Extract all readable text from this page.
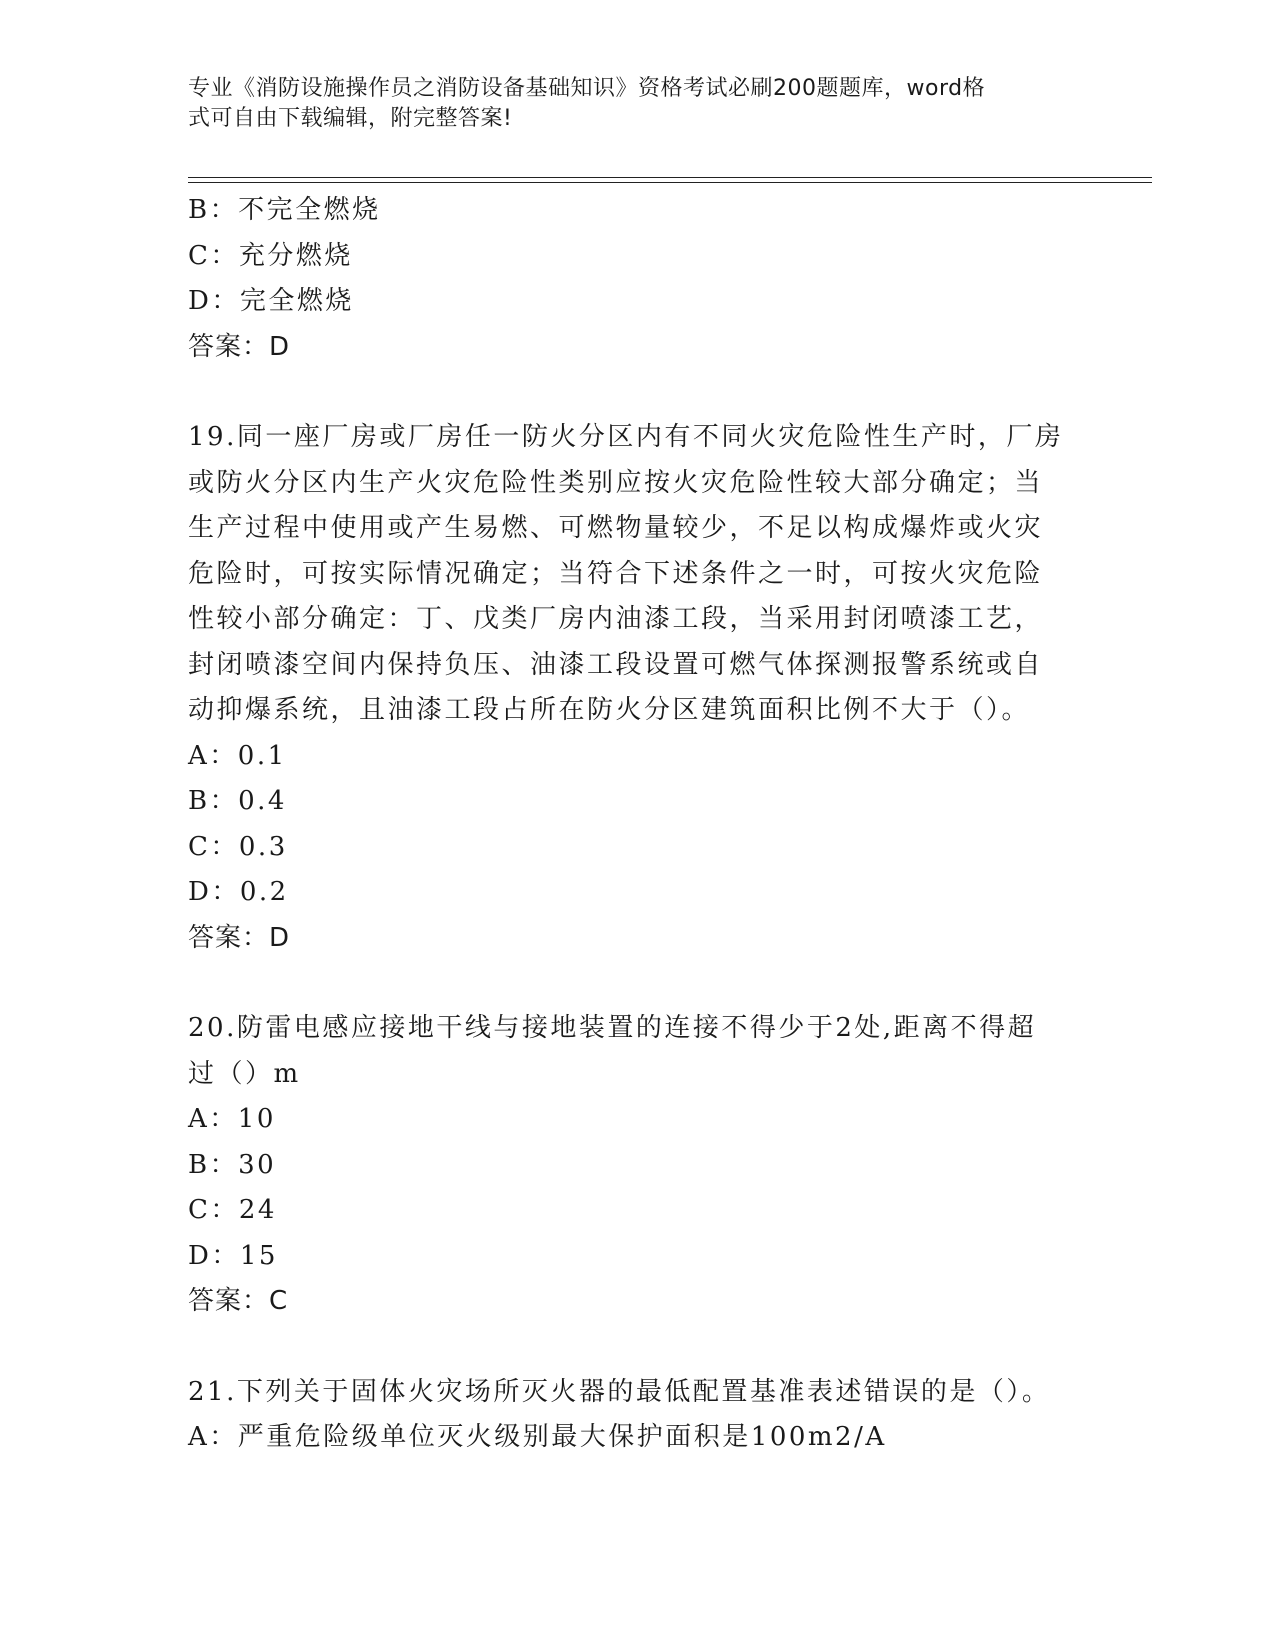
专业《消防设施操作员之消防设备基础知识》资格考试必刷200题题库，word格
式可自由下载编辑，附完整答案!
B：不完全燃烧
C：充分燃烧
D：完全燃烧
答案：D
19.同一座厂房或厂房任一防火分区内有不同火灾危险性生产时，厂房
或防火分区内生产火灾危险性类别应按火灾危险性较大部分确定；当
生产过程中使用或产生易燃、可燃物量较少，不足以构成爆炸或火灾
危险时，可按实际情况确定；当符合下述条件之一时，可按火灾危险
性较小部分确定：丁、戊类厂房内油漆工段，当采用封闭喷漆工艺，
封闭喷漆空间内保持负压、油漆工段设置可燃气体探测报警系统或自
动抑爆系统，且油漆工段占所在防火分区建筑面积比例不大于（）。
A：0.1
B：0.4
C：0.3
D：0.2
答案：D
20.防雷电感应接地干线与接地装置的连接不得少于2处,距离不得超
过（）m
A：10
B：30
C：24
D：15
答案：C
21.下列关于固体火灾场所灭火器的最低配置基准表述错误的是（）。
A：严重危险级单位灭火级别最大保护面积是100m2/A
